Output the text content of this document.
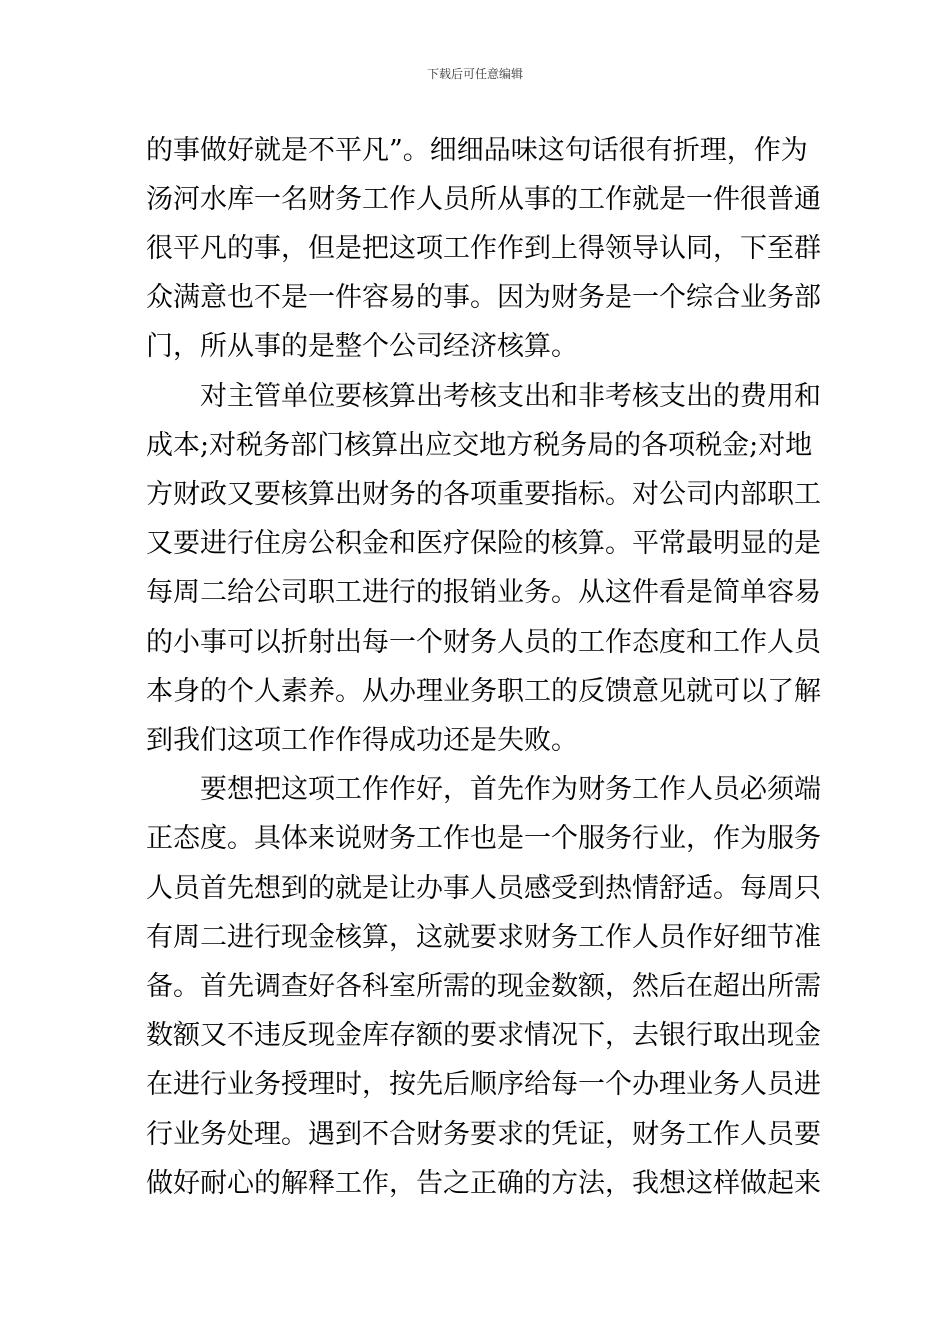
下载后可任意编辑
的事做好就是不平凡”。细细品味这句话很有折理，作为
汤河水库一名财务工作人员所从事的工作就是一件很普通
很平凡的事，但是把这项工作作到上得领导认同，下至群
众满意也不是一件容易的事。因为财务是一个综合业务部
门，所从事的是整个公司经济核算。
对主管单位要核算出考核支出和非考核支出的费用和
成本;对税务部门核算出应交地方税务局的各项税金;对地
方财政又要核算出财务的各项重要指标。对公司内部职工
又要进行住房公积金和医疗保险的核算。平常最明显的是
每周二给公司职工进行的报销业务。从这件看是简单容易
的小事可以折射出每一个财务人员的工作态度和工作人员
本身的个人素养。从办理业务职工的反馈意见就可以了解
到我们这项工作作得成功还是失败。
要想把这项工作作好，首先作为财务工作人员必须端
正态度。具体来说财务工作也是一个服务行业，作为服务
人员首先想到的就是让办事人员感受到热情舒适。每周只
有周二进行现金核算，这就要求财务工作人员作好细节准
备。首先调查好各科室所需的现金数额，然后在超出所需
数额又不违反现金库存额的要求情况下，去银行取出现金
在进行业务授理时，按先后顺序给每一个办理业务人员进
行业务处理。遇到不合财务要求的凭证，财务工作人员要
做好耐心的解释工作，告之正确的方法，我想这样做起来
